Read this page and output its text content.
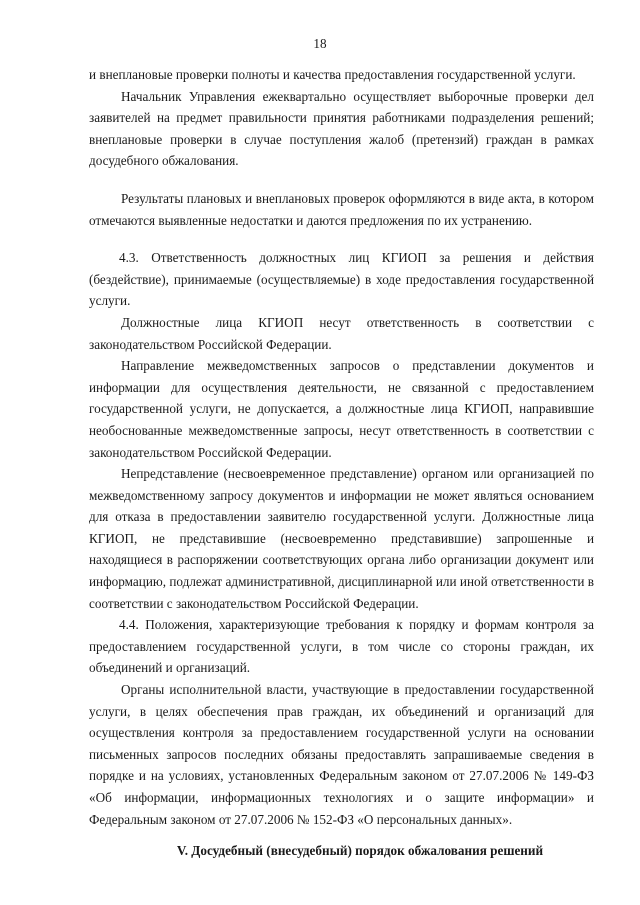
18

и внеплановые проверки полноты и качества предоставления государственной услуги.

Начальник Управления ежеквартально осуществляет выборочные проверки дел заявителей на предмет правильности принятия работниками подразделения решений; внеплановые проверки в случае поступления жалоб (претензий) граждан в рамках досудебного обжалования.

Результаты плановых и внеплановых проверок оформляются в виде акта, в котором отмечаются выявленные недостатки и даются предложения по их устранению.

4.3. Ответственность должностных лиц КГИОП за решения и действия (бездействие), принимаемые (осуществляемые) в ходе предоставления государственной услуги.

Должностные лица КГИОП несут ответственность в соответствии с законодательством Российской Федерации.

Направление межведомственных запросов о представлении документов и информации для осуществления деятельности, не связанной с предоставлением государственной услуги, не допускается, а должностные лица КГИОП, направившие необоснованные межведомственные запросы, несут ответственность в соответствии с законодательством Российской Федерации.

Непредставление (несвоевременное представление) органом или организацией по межведомственному запросу документов и информации не может являться основанием для отказа в предоставлении заявителю государственной услуги. Должностные лица КГИОП, не представившие (несвоевременно представившие) запрошенные и находящиеся в распоряжении соответствующих органа либо организации документ или информацию, подлежат административной, дисциплинарной или иной ответственности в соответствии с законодательством Российской Федерации.

4.4. Положения, характеризующие требования к порядку и формам контроля за предоставлением государственной услуги, в том числе со стороны граждан, их объединений и организаций.

Органы исполнительной власти, участвующие в предоставлении государственной услуги, в целях обеспечения прав граждан, их объединений и организаций для осуществления контроля за предоставлением государственной услуги на основании письменных запросов последних обязаны предоставлять запрашиваемые сведения в порядке и на условиях, установленных Федеральным законом от 27.07.2006 № 149-ФЗ «Об информации, информационных технологиях и о защите информации» и Федеральным законом от 27.07.2006 № 152-ФЗ «О персональных данных».

V. Досудебный (внесудебный) порядок обжалования решений
